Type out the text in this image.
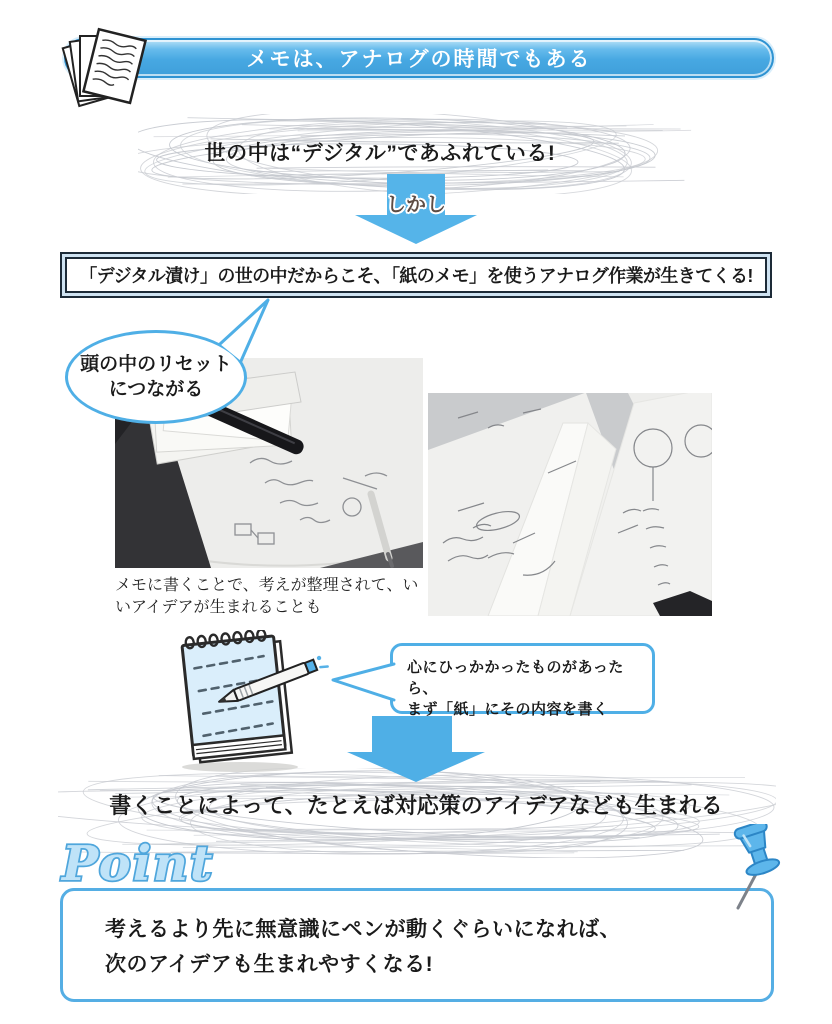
メモは、アナログの時間でもある
世の中は“デジタル”であふれている!
しかし
「デジタル漬け」の世の中だからこそ、「紙のメモ」を使うアナログ作業が生きてくる!
頭の中のリセット
につながる
メモに書くことで、考えが整理されて、い
いアイデアが生まれることも
心にひっかかったものがあったら、
まず「紙」にその内容を書く
書くことによって、たとえば対応策のアイデアなども生まれる
Point
考えるより先に無意識にペンが動くぐらいになれば、
次のアイデアも生まれやすくなる!
